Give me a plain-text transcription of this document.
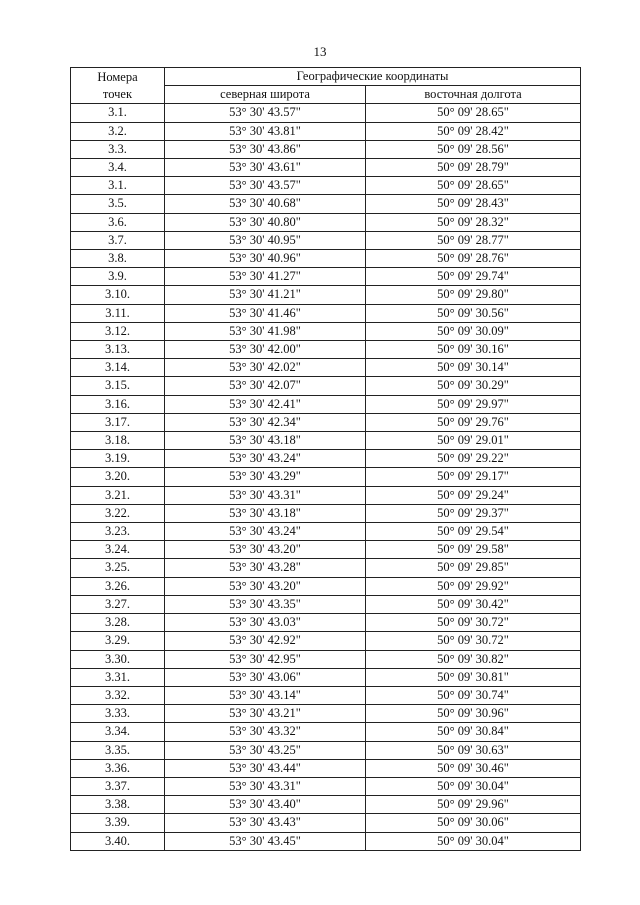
13
Номера
точек	Географические координаты	
	северная широта	восточная долгота
3.1.	53° 30' 43.57"	50° 09' 28.65"
3.2.	53° 30' 43.81"	50° 09' 28.42"
3.3.	53° 30' 43.86"	50° 09' 28.56"
3.4.	53° 30' 43.61"	50° 09' 28.79"
3.1.	53° 30' 43.57"	50° 09' 28.65"
3.5.	53° 30' 40.68"	50° 09' 28.43"
3.6.	53° 30' 40.80"	50° 09' 28.32"
3.7.	53° 30' 40.95"	50° 09' 28.77"
3.8.	53° 30' 40.96"	50° 09' 28.76"
3.9.	53° 30' 41.27"	50° 09' 29.74"
3.10.	53° 30' 41.21"	50° 09' 29.80"
3.11.	53° 30' 41.46"	50° 09' 30.56"
3.12.	53° 30' 41.98"	50° 09' 30.09"
3.13.	53° 30' 42.00"	50° 09' 30.16"
3.14.	53° 30' 42.02"	50° 09' 30.14"
3.15.	53° 30' 42.07"	50° 09' 30.29"
3.16.	53° 30' 42.41"	50° 09' 29.97"
3.17.	53° 30' 42.34"	50° 09' 29.76"
3.18.	53° 30' 43.18"	50° 09' 29.01"
3.19.	53° 30' 43.24"	50° 09' 29.22"
3.20.	53° 30' 43.29"	50° 09' 29.17"
3.21.	53° 30' 43.31"	50° 09' 29.24"
3.22.	53° 30' 43.18"	50° 09' 29.37"
3.23.	53° 30' 43.24"	50° 09' 29.54"
3.24.	53° 30' 43.20"	50° 09' 29.58"
3.25.	53° 30' 43.28"	50° 09' 29.85"
3.26.	53° 30' 43.20"	50° 09' 29.92"
3.27.	53° 30' 43.35"	50° 09' 30.42"
3.28.	53° 30' 43.03"	50° 09' 30.72"
3.29.	53° 30' 42.92"	50° 09' 30.72"
3.30.	53° 30' 42.95"	50° 09' 30.82"
3.31.	53° 30' 43.06"	50° 09' 30.81"
3.32.	53° 30' 43.14"	50° 09' 30.74"
3.33.	53° 30' 43.21"	50° 09' 30.96"
3.34.	53° 30' 43.32"	50° 09' 30.84"
3.35.	53° 30' 43.25"	50° 09' 30.63"
3.36.	53° 30' 43.44"	50° 09' 30.46"
3.37.	53° 30' 43.31"	50° 09' 30.04"
3.38.	53° 30' 43.40"	50° 09' 29.96"
3.39.	53° 30' 43.43"	50° 09' 30.06"
3.40.	53° 30' 43.45"	50° 09' 30.04"
